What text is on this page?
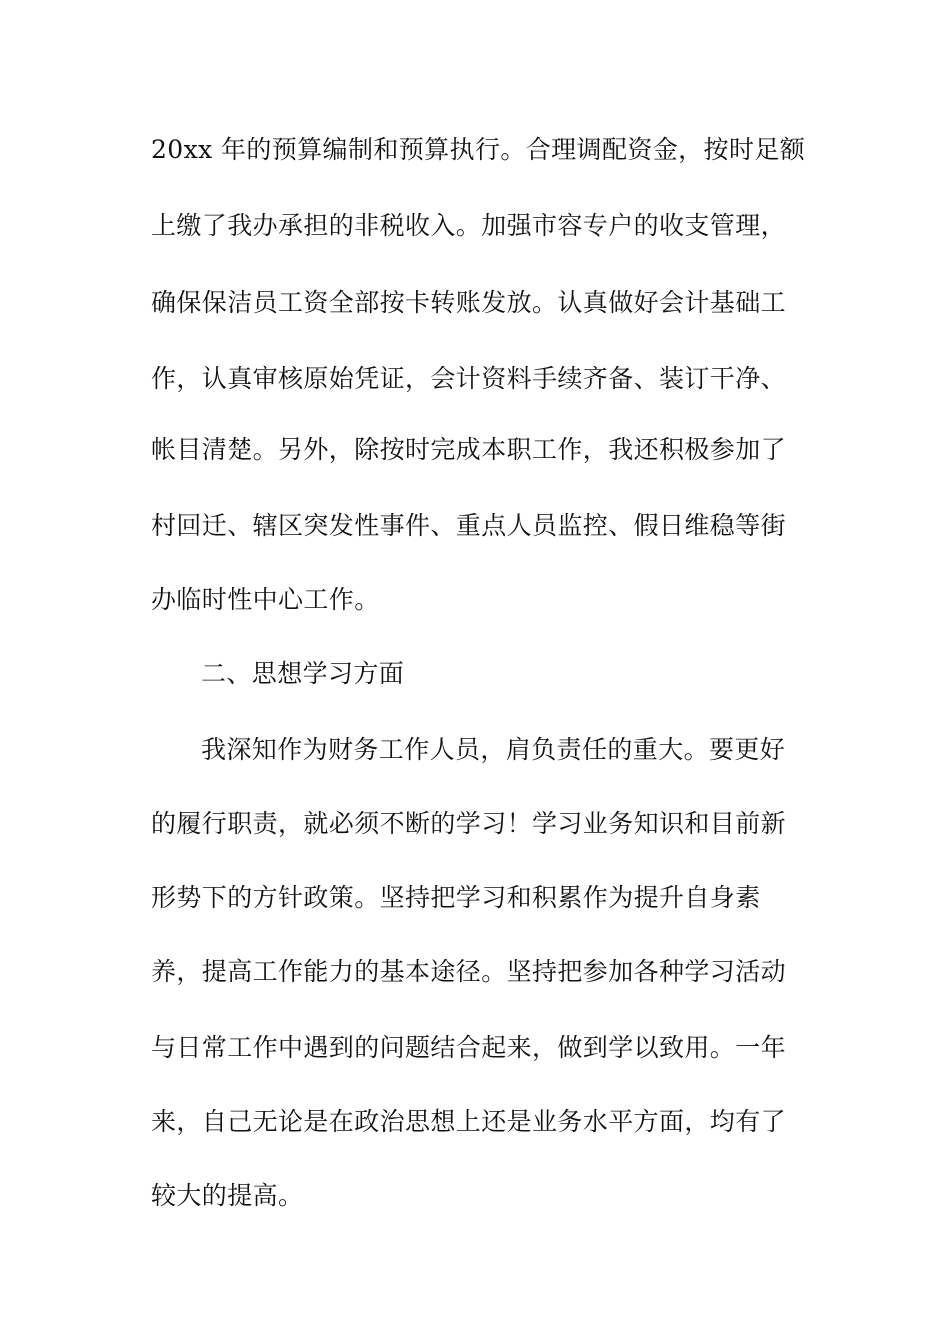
20xx 年的预算编制和预算执行。合理调配资金，按时足额
上缴了我办承担的非税收入。加强市容专户的收支管理，
确保保洁员工资全部按卡转账发放。认真做好会计基础工
作，认真审核原始凭证，会计资料手续齐备、装订干净、
帐目清楚。另外，除按时完成本职工作，我还积极参加了
村回迁、辖区突发性事件、重点人员监控、假日维稳等街
办临时性中心工作。
二、思想学习方面
我深知作为财务工作人员，肩负责任的重大。要更好
的履行职责，就必须不断的学习！学习业务知识和目前新
形势下的方针政策。坚持把学习和积累作为提升自身素
养，提高工作能力的基本途径。坚持把参加各种学习活动
与日常工作中遇到的问题结合起来，做到学以致用。一年
来，自己无论是在政治思想上还是业务水平方面，均有了
较大的提高。
